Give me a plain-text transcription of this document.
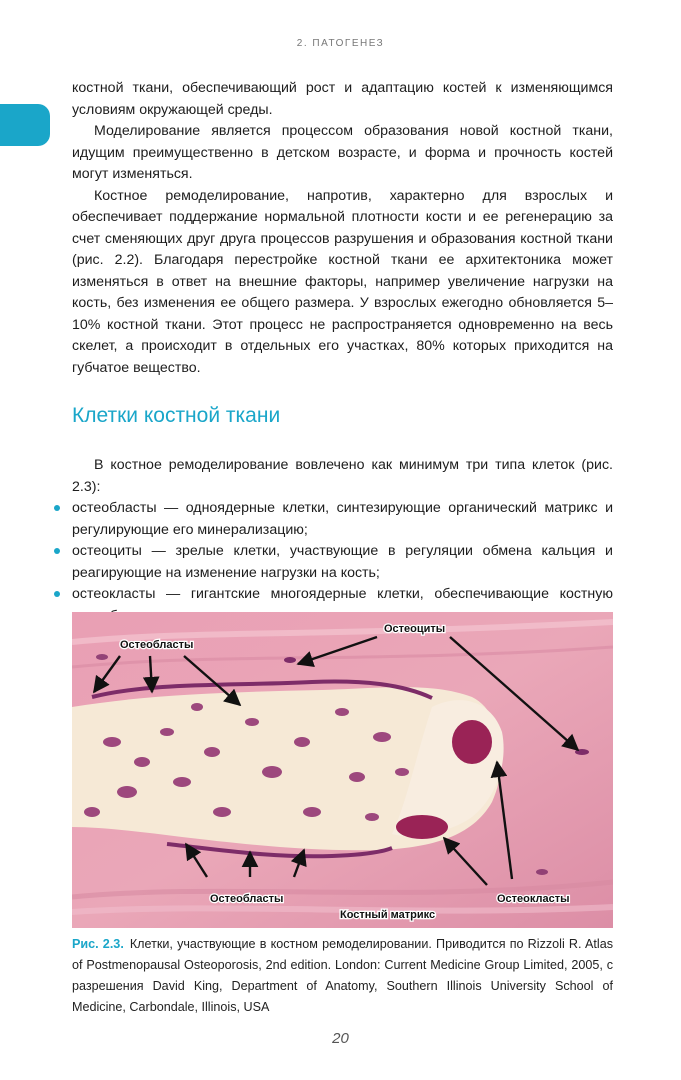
2. ПАТОГЕНЕЗ

костной ткани, обеспечивающий рост и адаптацию костей к изменяющимся условиям окружающей среды.

Моделирование является процессом образования новой костной ткани, идущим преимущественно в детском возрасте, и форма и прочность костей могут изменяться.

Костное ремоделирование, напротив, характерно для взрослых и обеспечивает поддержание нормальной плотности кости и ее регенерацию за счет сменяющих друг друга процессов разрушения и образования костной ткани (рис. 2.2). Благодаря перестройке костной ткани ее архитектоника может изменяться в ответ на внешние факторы, например увеличение нагрузки на кость, без изменения ее общего размера. У взрослых ежегодно обновляется 5–10% костной ткани. Этот процесс не распространяется одновременно на весь скелет, а происходит в отдельных его участках, 80% которых приходится на губчатое вещество.

Клетки костной ткани

В костное ремоделирование вовлечено как минимум три типа клеток (рис. 2.3):

остеобласты — одноядерные клетки, синтезирующие органический матрикс и регулирующие его минерализацию;
остеоциты — зрелые клетки, участвующие в регуляции обмена кальция и реагирующие на изменение нагрузки на кость;
остеокласты — гигантские многоядерные клетки, обеспечивающие костную
Остеобласты
Остеоциты
Остеобласты	Остеокласты
Костный матрикс
Рис. 2.3. Клетки, участвующие в костном ремоделировании. Приводится по Rizzoli R. Atlas of Postmenopausal Osteoporosis, 2nd edition. London: Current Medicine Group Limited, 2005, с разрешения David King, Department of Anatomy, Southern Illinois University School of Medicine, Carbondale, Illinois, USA
20
